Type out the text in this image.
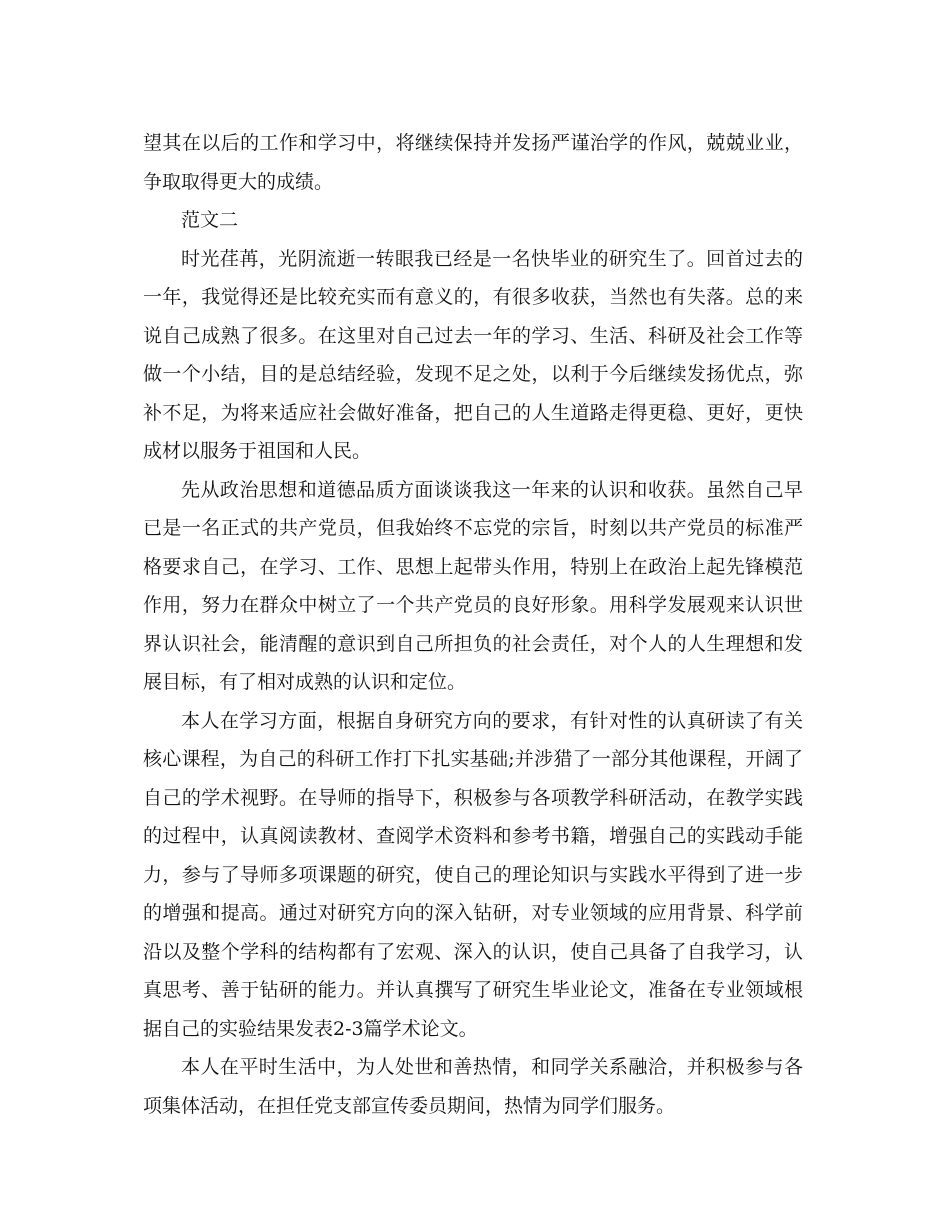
望其在以后的工作和学习中，将继续保持并发扬严谨治学的作风，兢兢业业，争取取得更大的成绩。

范文二

时光荏苒，光阴流逝一转眼我已经是一名快毕业的研究生了。回首过去的一年，我觉得还是比较充实而有意义的，有很多收获，当然也有失落。总的来说自己成熟了很多。在这里对自己过去一年的学习、生活、科研及社会工作等做一个小结，目的是总结经验，发现不足之处，以利于今后继续发扬优点，弥补不足，为将来适应社会做好准备，把自己的人生道路走得更稳、更好，更快成材以服务于祖国和人民。

先从政治思想和道德品质方面谈谈我这一年来的认识和收获。虽然自己早已是一名正式的共产党员，但我始终不忘党的宗旨，时刻以共产党员的标准严格要求自己，在学习、工作、思想上起带头作用，特别上在政治上起先锋模范作用，努力在群众中树立了一个共产党员的良好形象。用科学发展观来认识世界认识社会，能清醒的意识到自己所担负的社会责任，对个人的人生理想和发展目标，有了相对成熟的认识和定位。

本人在学习方面，根据自身研究方向的要求，有针对性的认真研读了有关核心课程，为自己的科研工作打下扎实基础;并涉猎了一部分其他课程，开阔了自己的学术视野。在导师的指导下，积极参与各项教学科研活动，在教学实践的过程中，认真阅读教材、查阅学术资料和参考书籍，增强自己的实践动手能力，参与了导师多项课题的研究，使自己的理论知识与实践水平得到了进一步的增强和提高。通过对研究方向的深入钻研，对专业领域的应用背景、科学前沿以及整个学科的结构都有了宏观、深入的认识，使自己具备了自我学习，认真思考、善于钻研的能力。并认真撰写了研究生毕业论文，准备在专业领域根据自己的实验结果发表2-3篇学术论文。

本人在平时生活中，为人处世和善热情，和同学关系融洽，并积极参与各项集体活动，在担任党支部宣传委员期间，热情为同学们服务。
